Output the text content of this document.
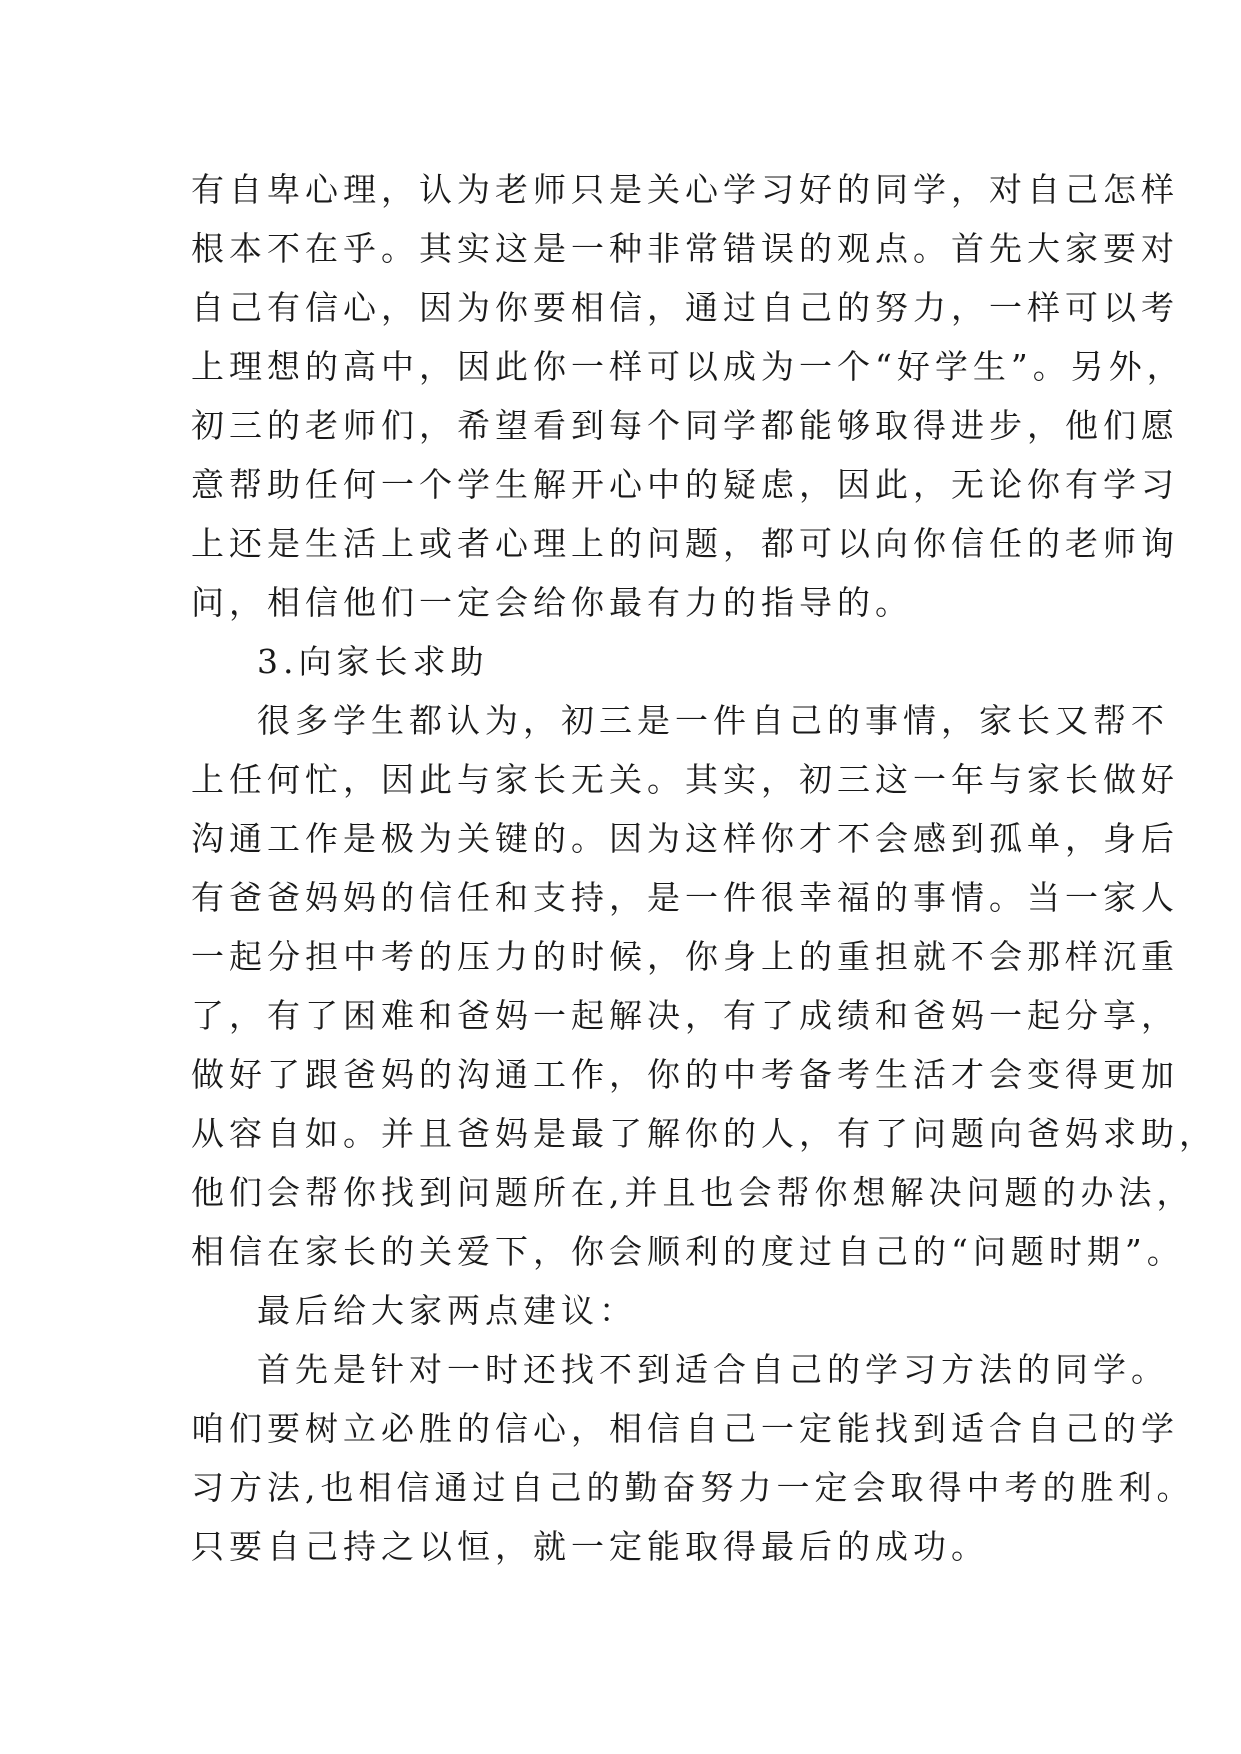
有自卑心理，认为老师只是关心学习好的同学，对自己怎样
根本不在乎。其实这是一种非常错误的观点。首先大家要对
自己有信心，因为你要相信，通过自己的努力，一样可以考
上理想的高中，因此你一样可以成为一个“好学生”。另外，
初三的老师们，希望看到每个同学都能够取得进步，他们愿
意帮助任何一个学生解开心中的疑虑，因此，无论你有学习
上还是生活上或者心理上的问题，都可以向你信任的老师询
问，相信他们一定会给你最有力的指导的。
3.向家长求助
很多学生都认为，初三是一件自己的事情，家长又帮不
上任何忙，因此与家长无关。其实，初三这一年与家长做好
沟通工作是极为关键的。因为这样你才不会感到孤单，身后
有爸爸妈妈的信任和支持，是一件很幸福的事情。当一家人
一起分担中考的压力的时候，你身上的重担就不会那样沉重
了，有了困难和爸妈一起解决，有了成绩和爸妈一起分享，
做好了跟爸妈的沟通工作，你的中考备考生活才会变得更加
从容自如。并且爸妈是最了解你的人，有了问题向爸妈求助，
他们会帮你找到问题所在,并且也会帮你想解决问题的办法，
相信在家长的关爱下，你会顺利的度过自己的“问题时期”。
最后给大家两点建议：
首先是针对一时还找不到适合自己的学习方法的同学。
咱们要树立必胜的信心，相信自己一定能找到适合自己的学
习方法,也相信通过自己的勤奋努力一定会取得中考的胜利。
只要自己持之以恒，就一定能取得最后的成功。
